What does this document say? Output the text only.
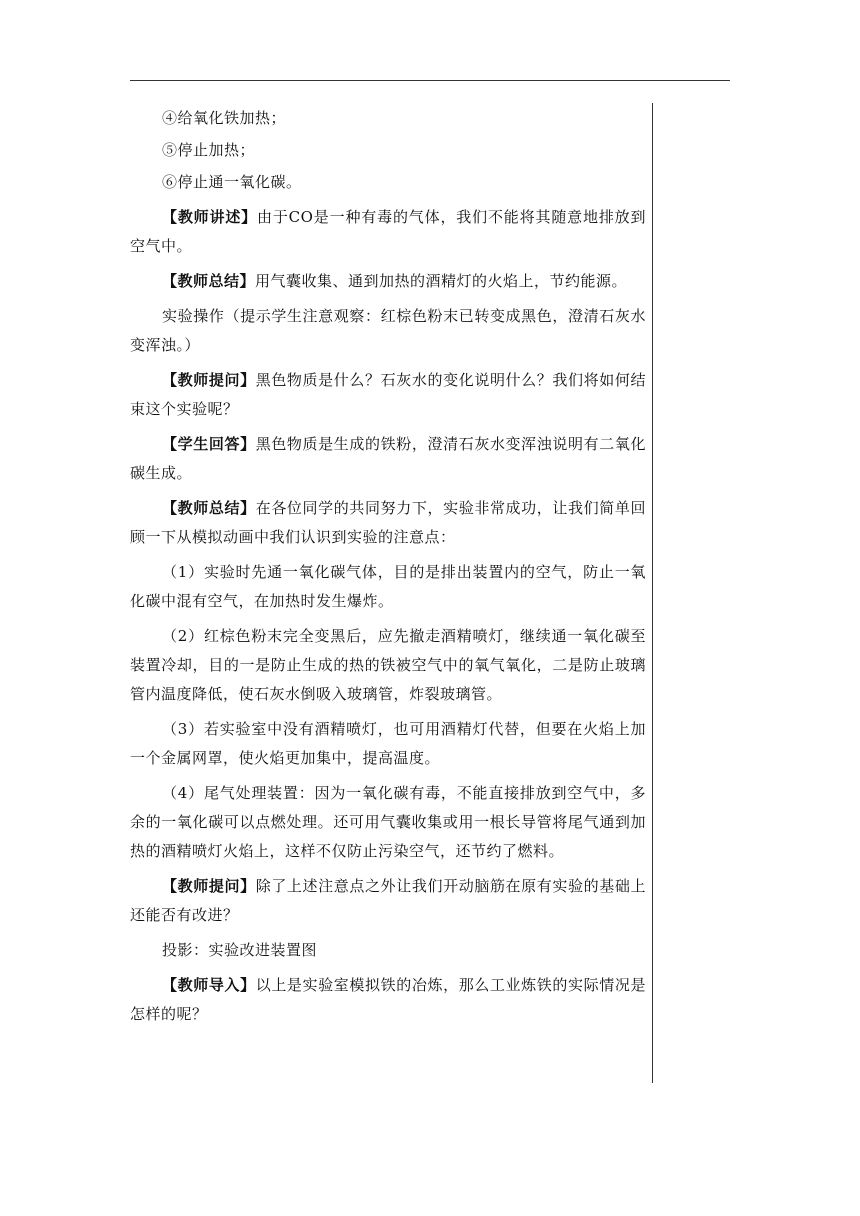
④给氧化铁加热；

⑤停止加热；

⑥停止通一氧化碳。

【教师讲述】由于CO是一种有毒的气体，我们不能将其随意地排放到空气中。

【教师总结】用气囊收集、通到加热的酒精灯的火焰上，节约能源。

实验操作（提示学生注意观察：红棕色粉末已转变成黑色，澄清石灰水变浑浊。）

【教师提问】黑色物质是什么？石灰水的变化说明什么？我们将如何结束这个实验呢？

【学生回答】黑色物质是生成的铁粉，澄清石灰水变浑浊说明有二氧化碳生成。

【教师总结】在各位同学的共同努力下，实验非常成功，让我们简单回顾一下从模拟动画中我们认识到实验的注意点：

（1）实验时先通一氧化碳气体，目的是排出装置内的空气，防止一氧化碳中混有空气，在加热时发生爆炸。

（2）红棕色粉末完全变黑后，应先撤走酒精喷灯，继续通一氧化碳至装置冷却，目的一是防止生成的热的铁被空气中的氧气氧化，二是防止玻璃管内温度降低，使石灰水倒吸入玻璃管，炸裂玻璃管。

（3）若实验室中没有酒精喷灯，也可用酒精灯代替，但要在火焰上加一个金属网罩，使火焰更加集中，提高温度。

（4）尾气处理装置：因为一氧化碳有毒，不能直接排放到空气中，多余的一氧化碳可以点燃处理。还可用气囊收集或用一根长导管将尾气通到加热的酒精喷灯火焰上，这样不仅防止污染空气，还节约了燃料。

【教师提问】除了上述注意点之外让我们开动脑筋在原有实验的基础上还能否有改进？

投影：实验改进装置图

【教师导入】以上是实验室模拟铁的冶炼，那么工业炼铁的实际情况是怎样的呢？
